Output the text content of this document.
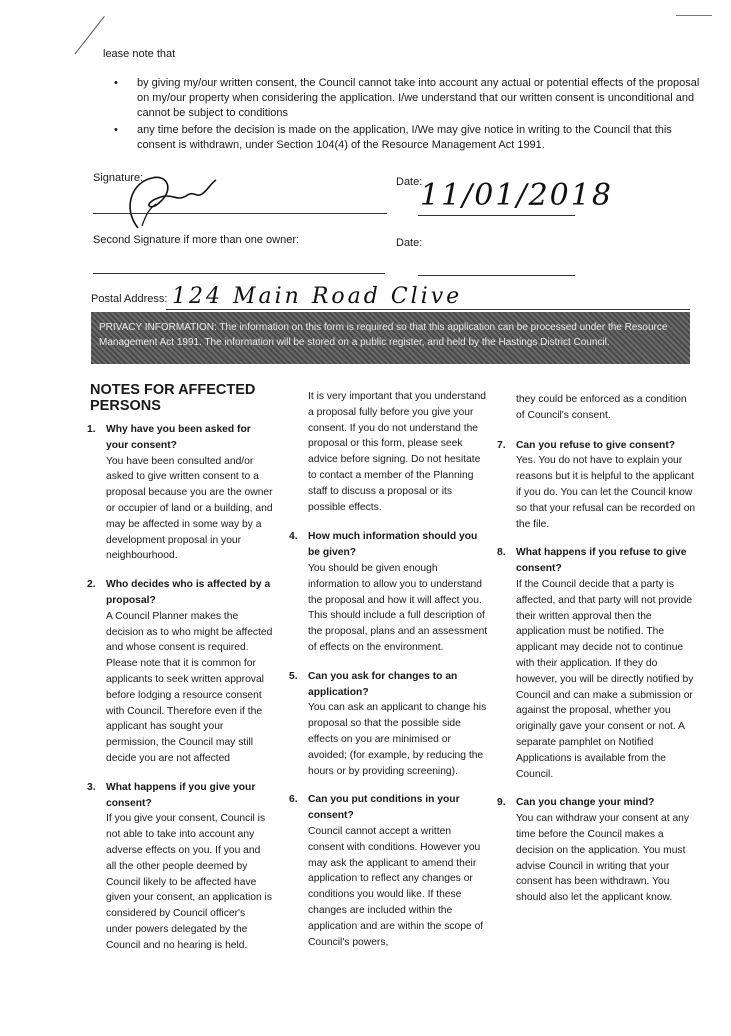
lease note that
• by giving my/our written consent, the Council cannot take into account any actual or potential effects of the proposal on my/our property when considering the application. I/we understand that our written consent is unconditional and cannot be subject to conditions
• any time before the decision is made on the application, I/We may give notice in writing to the Council that this consent is withdrawn, under Section 104(4) of the Resource Management Act 1991.
Signature:	Date:
11/01/2018
Second Signature if more than one owner:	Date:
Postal Address: 124 Main Road Clive
PRIVACY INFORMATION: The information on this form is required so that this application can be processed under the Resource Management Act 1991. The information will be stored on a public register, and held by the Hastings District Council.
NOTES FOR AFFECTED PERSONS
1. Why have you been asked for your consent?
You have been consulted and/or asked to give written consent to a proposal because you are the owner or occupier of land or a building, and may be affected in some way by a development proposal in your neighbourhood.
2. Who decides who is affected by a proposal?
A Council Planner makes the decision as to who might be affected and whose consent is required. Please note that it is common for applicants to seek written approval before lodging a resource consent with Council. Therefore even if the applicant has sought your permission, the Council may still decide you are not affected
3. What happens if you give your consent?
If you give your consent, Council is not able to take into account any adverse effects on you. If you and all the other people deemed by Council likely to be affected have given your consent, an application is considered by Council officer's under powers delegated by the Council and no hearing is held.
It is very important that you understand a proposal fully before you give your consent. If you do not understand the proposal or this form, please seek advice before signing. Do not hesitate to contact a member of the Planning staff to discuss a proposal or its possible effects.
4. How much information should you be given?
You should be given enough information to allow you to understand the proposal and how it will affect you. This should include a full description of the proposal, plans and an assessment of effects on the environment.
5. Can you ask for changes to an application?
You can ask an applicant to change his proposal so that the possible side effects on you are minimised or avoided; (for example, by reducing the hours or by providing screening).
6. Can you put conditions in your consent?
Council cannot accept a written consent with conditions. However you may ask the applicant to amend their application to reflect any changes or conditions you would like. If these changes are included within the application and are within the scope of Council's powers,
they could be enforced as a condition of Council's consent.
7. Can you refuse to give consent?
Yes. You do not have to explain your reasons but it is helpful to the applicant if you do. You can let the Council know so that your refusal can be recorded on the file.
8. What happens if you refuse to give consent?
If the Council decide that a party is affected, and that party will not provide their written approval then the application must be notified. The applicant may decide not to continue with their application. If they do however, you will be directly notified by Council and can make a submission or against the proposal, whether you originally gave your consent or not. A separate pamphlet on Notified Applications is available from the Council.
9. Can you change your mind?
You can withdraw your consent at any time before the Council makes a decision on the application. You must advise Council in writing that your consent has been withdrawn. You should also let the applicant know.
